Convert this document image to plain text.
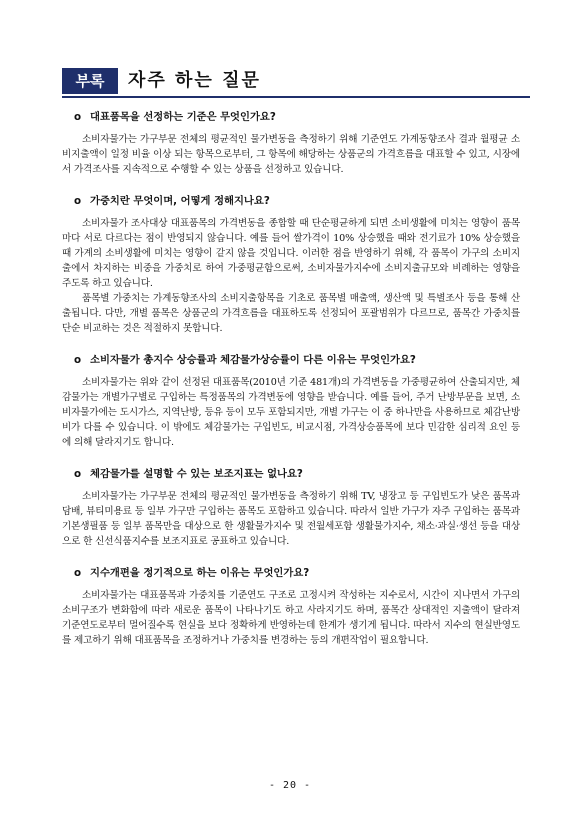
부록	자주 하는 질문
o 대표품목을 선정하는 기준은 무엇인가요?

소비자물가는 가구부문 전체의 평균적인 물가변동을 측정하기 위해 기준연도 가계동향조사 결과 월평균 소비지출액이 일정 비율 이상 되는 항목으로부터, 그 항목에 해당하는 상품군의 가격흐름을 대표할 수 있고, 시장에서 가격조사를 지속적으로 수행할 수 있는 상품을 선정하고 있습니다.

o 가중치란 무엇이며, 어떻게 정해지나요?

소비자물가 조사대상 대표품목의 가격변동을 종합할 때 단순평균하게 되면 소비생활에 미치는 영향이 품목마다 서로 다르다는 점이 반영되지 않습니다. 예를 들어 쌀가격이 10% 상승했을 때와 전기료가 10% 상승했을 때 가계의 소비생활에 미치는 영향이 같지 않을 것입니다. 이러한 점을 반영하기 위해, 각 품목이 가구의 소비지출에서 차지하는 비중을 가중치로 하여 가중평균함으로써, 소비자물가지수에 소비지출규모와 비례하는 영향을 주도록 하고 있습니다.

품목별 가중치는 가계동향조사의 소비지출항목을 기초로 품목별 매출액, 생산액 및 특별조사 등을 통해 산출됩니다. 다만, 개별 품목은 상품군의 가격흐름을 대표하도록 선정되어 포괄범위가 다르므로, 품목간 가중치를 단순 비교하는 것은 적절하지 못합니다.

o 소비자물가 총지수 상승률과 체감물가상승률이 다른 이유는 무엇인가요?

소비자물가는 위와 같이 선정된 대표품목(2010년 기준 481개)의 가격변동을 가중평균하여 산출되지만, 체감물가는 개별가구별로 구입하는 특정품목의 가격변동에 영향을 받습니다. 예를 들어, 주거 난방부문을 보면, 소비자물가에는 도시가스, 지역난방, 등유 등이 모두 포함되지만, 개별 가구는 이 중 하나만을 사용하므로 체감난방비가 다를 수 있습니다. 이 밖에도 체감물가는 구입빈도, 비교시점, 가격상승품목에 보다 민감한 심리적 요인 등에 의해 달라지기도 합니다.

o 체감물가를 설명할 수 있는 보조지표는 없나요?

소비자물가는 가구부문 전체의 평균적인 물가변동을 측정하기 위해 TV, 냉장고 등 구입빈도가 낮은 품목과 담배, 뷰티미용료 등 일부 가구만 구입하는 품목도 포함하고 있습니다. 따라서 일반 가구가 자주 구입하는 품목과 기본생필품 등 일부 품목만을 대상으로 한 생활물가지수 및 전월세포함 생활물가지수, 채소·과실·생선 등을 대상으로 한 신선식품지수를 보조지표로 공표하고 있습니다.

o 지수개편을 정기적으로 하는 이유는 무엇인가요?

소비자물가는 대표품목과 가중치를 기준연도 구조로 고정시켜 작성하는 지수로서, 시간이 지나면서 가구의 소비구조가 변화함에 따라 새로운 품목이 나타나기도 하고 사라지기도 하며, 품목간 상대적인 지출액이 달라져 기준연도로부터 멀어질수록 현실을 보다 정확하게 반영하는데 한계가 생기게 됩니다. 따라서 지수의 현실반영도를 제고하기 위해 대표품목을 조정하거나 가중치를 변경하는 등의 개편작업이 필요합니다.

- 20 -
